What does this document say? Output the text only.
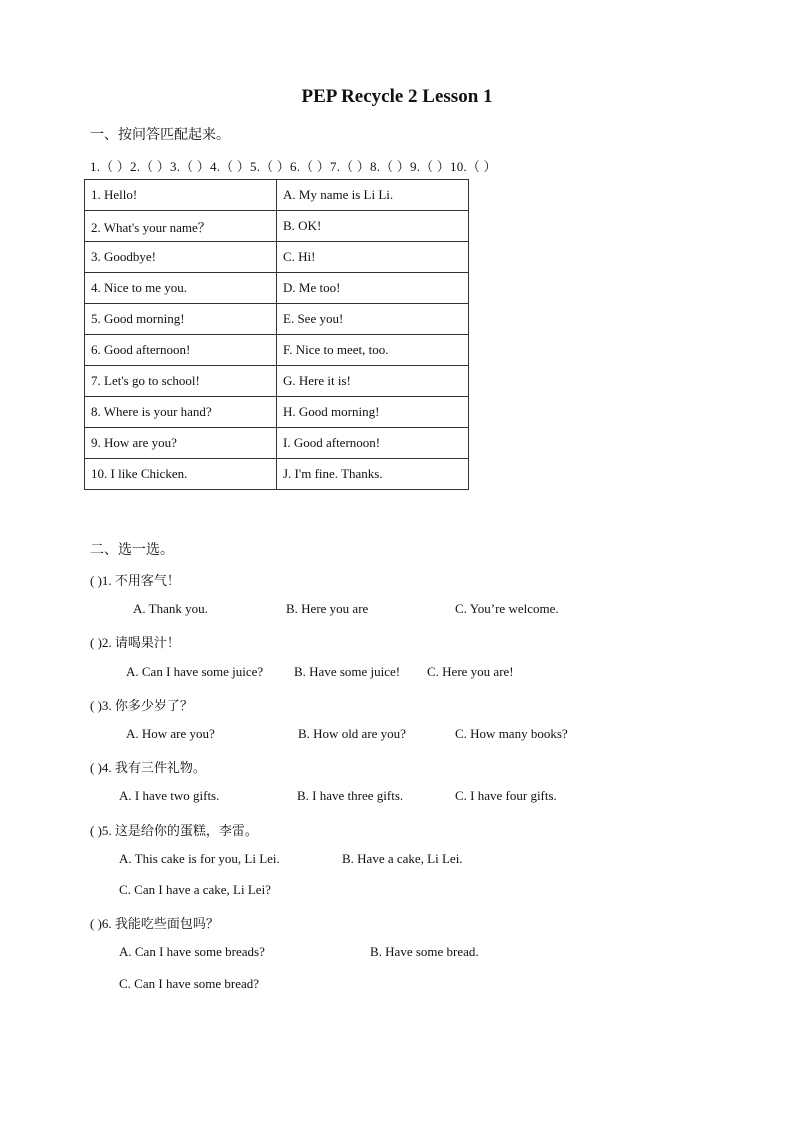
PEP Recycle 2 Lesson 1
一、按问答匹配起来。
1.（ ）2.（ ）3.（ ）4.（ ）5.（ ）6.（ ）7.（ ）8.（ ）9.（ ）10.（ ）
1. Hello!	A. My name is Li Li.
2. What's your name？	B. OK!
3. Goodbye!	C. Hi!
4. Nice to me you.	D. Me too!
5. Good morning!	E. See you!
6. Good afternoon!	F. Nice to meet, too.
7. Let's go to school!	G. Here it is!
8. Where is your hand?	H. Good morning!
9. How are you?	I. Good afternoon!
10. I like Chicken.	J. I'm fine. Thanks.
二、选一选。
( )1. 不用客气！
A. Thank you.	B. Here you are	C. You’re welcome.
( )2. 请喝果汁！
A. Can I have some juice? B. Have some juice! C. Here you are!
( )3. 你多少岁了？
A. How are you?	B. How old are you?	C. How many books?
( )4. 我有三件礼物。
A. I have two gifts.	B. I have three gifts.	C. I have four gifts.
( )5. 这是给你的蛋糕，李雷。
A. This cake is for you, Li Lei.	B. Have a cake, Li Lei.
C. Can I have a cake, Li Lei?
( )6. 我能吃些面包吗？
A. Can I have some breads?	B. Have some bread.
C. Can I have some bread?
